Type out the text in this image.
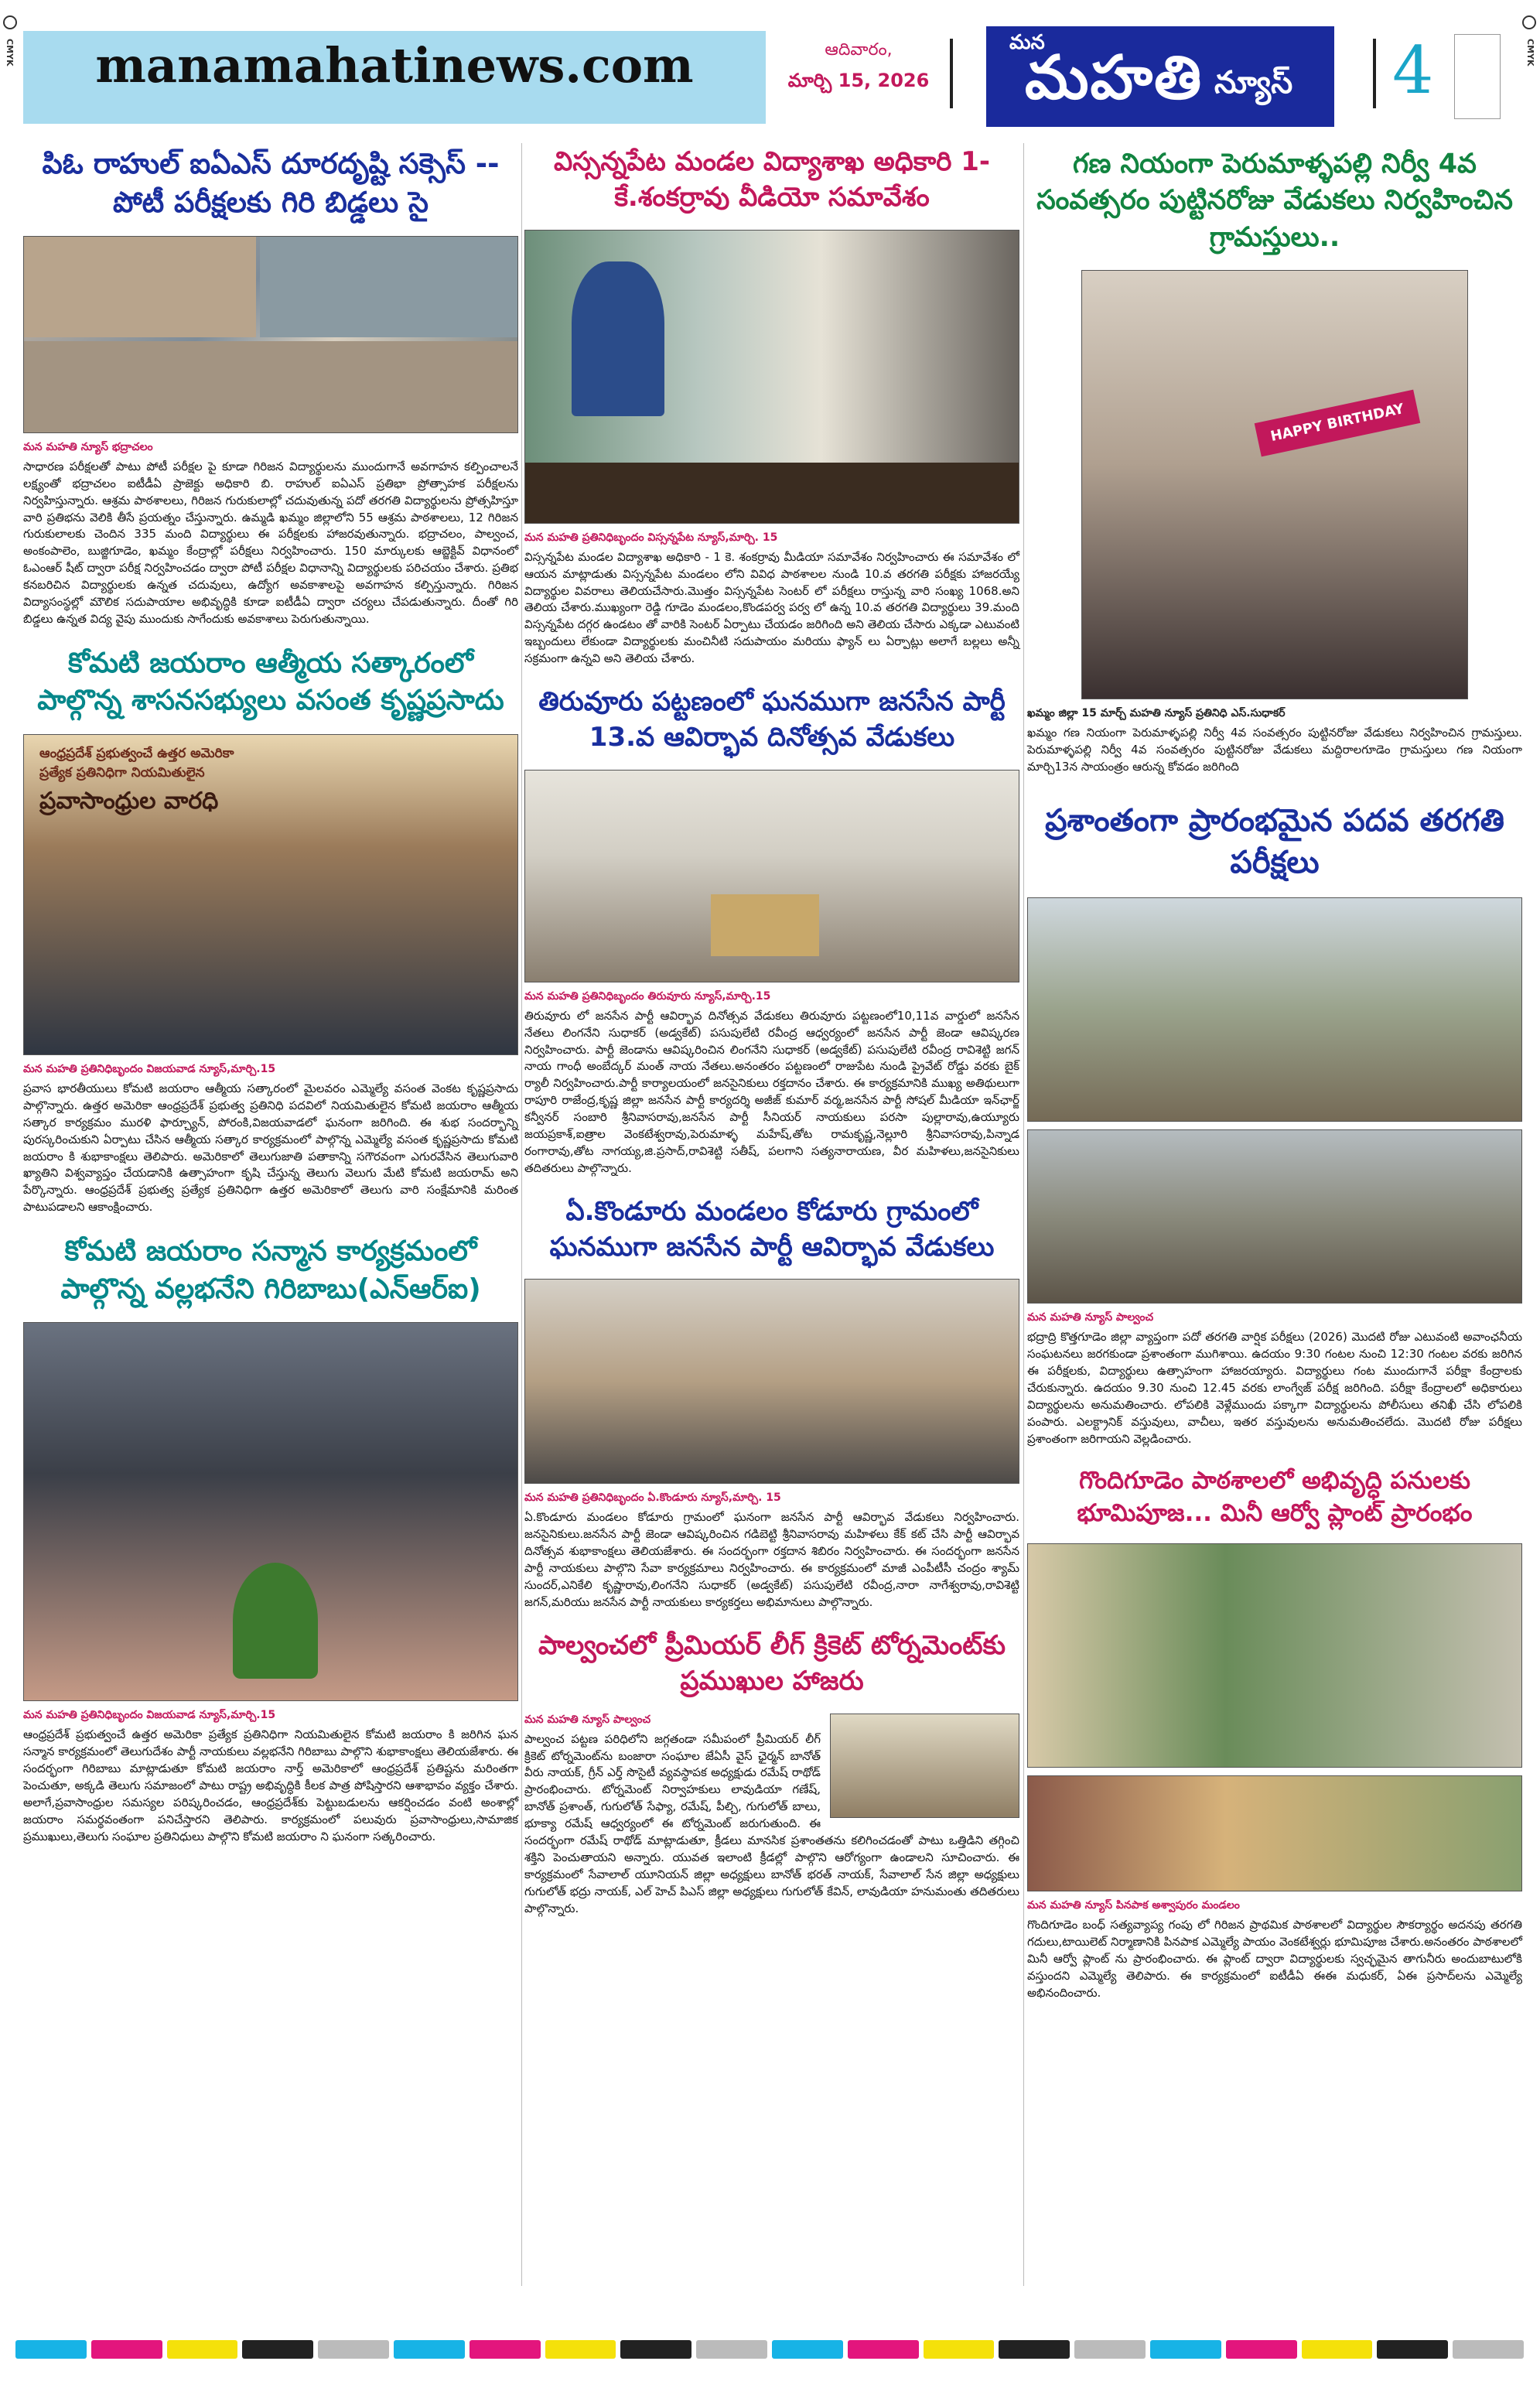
CMYK	CMYK
manamahatinews.com	ఆదివారం,
మార్చి 15, 2026
మన
మహతి న్యూస్ 4
పిఓ రాహుల్ ఐఏఎస్ దూరదృష్టి సక్సెస్ -- పోటీ పరీక్షలకు గిరి బిడ్డలు సై
మన మహతి న్యూస్ భద్రాచలం

సాధారణ పరీక్షలతో పాటు పోటీ పరీక్షల పై కూడా గిరిజన విద్యార్థులను ముందుగానే అవగాహన కల్పించాలనే లక్ష్యంతో భద్రాచలం ఐటీడీఏ ప్రాజెక్టు అధికారి బి. రాహుల్ ఐఏఎస్ ప్రతిభా ప్రోత్సాహక పరీక్షలను నిర్వహిస్తున్నారు. ఆశ్రమ పాఠశాలలు, గిరిజన గురుకులాల్లో చదువుతున్న పదో తరగతి విద్యార్థులను ప్రోత్సహిస్తూ వారి ప్రతిభను వెలికి తీసే ప్రయత్నం చేస్తున్నారు. ఉమ్మడి ఖమ్మం జిల్లాలోని 55 ఆశ్రమ పాఠశాలలు, 12 గిరిజన గురుకులాలకు చెందిన 335 మంది విద్యార్థులు ఈ పరీక్షలకు హాజరవుతున్నారు. భద్రాచలం, పాల్వంచ, అంకంపాలెం, బుజ్జిగూడెం, ఖమ్మం కేంద్రాల్లో పరీక్షలు నిర్వహించారు. 150 మార్కులకు ఆబ్జెక్టివ్ విధానంలో ఓఎంఆర్ షీట్ ద్వారా పరీక్ష నిర్వహించడం ద్వారా పోటీ పరీక్షల విధానాన్ని విద్యార్థులకు పరిచయం చేశారు. ప్రతిభ కనబరిచిన విద్యార్థులకు ఉన్నత చదువులు, ఉద్యోగ అవకాశాలపై అవగాహన కల్పిస్తున్నారు. గిరిజన విద్యాసంస్థల్లో మౌలిక సదుపాయాల అభివృద్ధికి కూడా ఐటీడీఏ ద్వారా చర్యలు చేపడుతున్నారు. దీంతో గిరి బిడ్డలు ఉన్నత విద్య వైపు ముందుకు సాగేందుకు అవకాశాలు పెరుగుతున్నాయి.

కోమటి జయరాం ఆత్మీయ సత్కారంలో పాల్గొన్న శాసనసభ్యులు వసంత కృష్ణప్రసాదు
ఆంధ్రప్రదేశ్ ప్రభుత్వంచే ఉత్తర అమెరికా
ప్రత్యేక ప్రతినిధిగా నియమితులైన
ప్రవాసాంధ్రుల వారధి
మన మహతి ప్రతినిధిబృందం విజయవాడ న్యూస్,మార్చి.15

ప్రవాస భారతీయులు కోమటి జయరాం ఆత్మీయ సత్కారంలో మైలవరం ఎమ్మెల్యే వసంత వెంకట కృష్ణప్రసాదు పాల్గొన్నారు. ఉత్తర అమెరికా ఆంధ్రప్రదేశ్ ప్రభుత్వ ప్రతినిధి పదవిలో నియమితులైన కోమటి జయరాం ఆత్మీయ సత్కార కార్యక్రమం మురళి ఫార్చ్యూన్, పోరంకి,విజయవాడలో ఘనంగా జరిగింది. ఈ శుభ సందర్భాన్ని పురస్కరించుకుని ఏర్పాటు చేసిన ఆత్మీయ సత్కార కార్యక్రమంలో పాల్గొన్న ఎమ్మెల్యే వసంత కృష్ణప్రసాదు కోమటి జయరాం కి శుభాకాంక్షలు తెలిపారు. అమెరికాలో తెలుగుజాతి పతాకాన్ని సగౌరవంగా ఎగురవేసిన తెలుగువారి ఖ్యాతిని విశ్వవ్యాప్తం చేయడానికి ఉత్సాహంగా కృషి చేస్తున్న తెలుగు వెలుగు మేటి కోమటి జయరామ్ అని పేర్కొన్నారు. ఆంధ్రప్రదేశ్ ప్రభుత్వ ప్రత్యేక ప్రతినిధిగా ఉత్తర అమెరికాలో తెలుగు వారి సంక్షేమానికి మరింత పాటుపడాలని ఆకాంక్షించారు.

కోమటి జయరాం సన్మాన కార్యక్రమంలో పాల్గొన్న వల్లభనేని గిరిబాబు(ఎన్ఆర్ఐ)
మన మహతి ప్రతినిధిబృందం విజయవాడ న్యూస్,మార్చి.15

ఆంధ్రప్రదేశ్ ప్రభుత్వంచే ఉత్తర అమెరికా ప్రత్యేక ప్రతినిధిగా నియమితులైన కోమటి జయరాం కి జరిగిన ఘన సన్మాన కార్యక్రమంలో తెలుగుదేశం పార్టీ నాయకులు వల్లభనేని గిరిబాబు పాల్గొని శుభాకాంక్షలు తెలియజేశారు. ఈ సందర్భంగా గిరిబాబు మాట్లాడుతూ కోమటి జయరాం నార్త్ అమెరికాలో ఆంధ్రప్రదేశ్ ప్రతిష్టను మరింతగా పెంచుతూ, అక్కడి తెలుగు సమాజంలో పాటు రాష్ట్ర అభివృద్ధికి కీలక పాత్ర పోషిస్తారని ఆశాభావం వ్యక్తం చేశారు. అలాగే,ప్రవాసాంధ్రుల సమస్యల పరిష్కరించడం, ఆంధ్రప్రదేశ్‌కు పెట్టుబడులను ఆకర్షించడం వంటి అంశాల్లో జయరాం సమర్థవంతంగా పనిచేస్తారని తెలిపారు. కార్యక్రమంలో పలువురు ప్రవాసాంధ్రులు,సామాజిక ప్రముఖులు,తెలుగు సంఘాల ప్రతినిధులు పాల్గొని కోమటి జయరాం ని ఘనంగా సత్కరించారు.

విస్సన్నపేట మండల విద్యాశాఖ అధికారి 1-కే.శంకర్రావు వీడియో సమావేశం
మన మహతి ప్రతినిధిబృందం విస్సన్నపేట న్యూస్,మార్చి. 15

విస్సన్నపేట మండల విద్యాశాఖ అధికారి - 1 కె. శంకర్రావు మీడియా సమావేశం నిర్వహించారు ఈ సమావేశం లో ఆయన మాట్లాడుతు విస్సన్నపేట మండలం లోని వివిధ పాఠశాలల నుండి 10.వ తరగతి పరీక్షకు హాజరయ్యే విద్యార్థుల వివరాలు తెలియచేసారు.మొత్తం విస్సన్నపేట సెంటర్ లో పరీక్షలు రాస్తున్న వారి సంఖ్య 1068.అని తెలియ చేశారు.ముఖ్యంగా రెడ్డి గూడెం మండలం,కొండపర్వ పర్వ లో ఉన్న 10.వ తరగతి విద్యార్థులు 39.మంది విస్సన్నపేట దగ్గర ఉండటం తో వారికి సెంటర్ ఏర్పాటు చేయడం జరిగింది అని తెలియ చేసారు ఎక్కడా ఎటువంటి ఇబ్బందులు లేకుండా విద్యార్థులకు మంచినీటి సదుపాయం మరియు ఫ్యాన్ లు ఏర్పాట్లు అలాగే బల్లలు అన్నీ సక్రమంగా ఉన్నవి అని తెలియ చేశారు.

తిరువూరు పట్టణంలో ఘనముగా జనసేన పార్టీ 13.వ ఆవిర్భావ దినోత్సవ వేడుకలు
మన మహతి ప్రతినిధిబృందం తిరువూరు న్యూస్,మార్చి.15

తిరువూరు లో జనసేన పార్టీ ఆవిర్భావ దినోత్సవ వేడుకలు తిరువూరు పట్టణంలో10,11వ వార్డులో జనసేన నేతలు లింగనేని సుధాకర్ (అడ్వకేట్) పసుపులేటి రవీంద్ర ఆధ్వర్యంలో జనసేన పార్టీ జెండా ఆవిష్కరణ నిర్వహించారు. పార్టీ జెండాను ఆవిష్కరించిన లింగనేని సుధాకర్ (అడ్వకేట్) పసుపులేటి రవీంద్ర రావిశెట్టి జగన్ నాయ గాంధీ అంబేద్కర్ మంత్ నాయ నేతలు.అనంతరం పట్టణంలో రాజుపేట నుండి ప్రైవేట్ రోడ్డు వరకు బైక్ ర్యాలీ నిర్వహించారు.పార్టీ కార్యాలయంలో జనసైనికులు రక్తదానం చేశారు. ఈ కార్యక్రమానికి ముఖ్య అతిథులుగా రాపూరి రాజేంద్ర,కృష్ణ జిల్లా జనసేన పార్టీ కార్యదర్శి అజీజ్ కుమార్ వర్మ,జనసేన పార్టీ సోషల్ మీడియా ఇన్‌ఛార్జ్ కన్వీనర్ సంబారి శ్రీనివాసరావు,జనసేన పార్టీ సీనియర్ నాయకులు పరసా పుల్లారావు,ఉయ్యూరు జయప్రకాశ్,ఐత్రాల వెంకటేశ్వరావు,పెరుమాళ్ళ మహేష్,తోట రామకృష్ణ,నెల్లూరి శ్రీనివాసరావు,పిన్నాడ రంగారావు,తోట నాగయ్య,జి.ప్రసాద్,రావిశెట్టి సతీష్, పలగాని సత్యనారాయణ, వీర మహిళలు,జనసైనికులు తదితరులు పాల్గొన్నారు.

ఏ.కొండూరు మండలం కోడూరు గ్రామంలో ఘనముగా జనసేన పార్టీ ఆవిర్భావ వేడుకలు
మన మహతి ప్రతినిధిబృందం ఏ.కొండూరు న్యూస్,మార్చి. 15

ఏ.కొండూరు మండలం కోడూరు గ్రామంలో ఘనంగా జనసేన పార్టీ ఆవిర్భావ వేడుకలు నిర్వహించారు. జనసైనికులు.జనసేన పార్టీ జెండా ఆవిష్కరించిన గడిబెట్టి శ్రీనివాసరావు మహిళలు కేక్ కట్ చేసి పార్టీ ఆవిర్భావ దినోత్సవ శుభాకాంక్షలు తెలియజేశారు. ఈ సందర్భంగా రక్తదాన శిబిరం నిర్వహించారు. ఈ సందర్భంగా జనసేన పార్టీ నాయకులు పాల్గొని సేవా కార్యక్రమాలు నిర్వహించారు. ఈ కార్యక్రమంలో మాజీ ఎంపీటీసీ చంద్రం శ్యామ్ సుందర్,ఎనికేలి కృష్ణారావు,లింగనేని సుధాకర్ (అడ్వకేట్) పసుపులేటి రవీంద్ర,నారా నాగేశ్వరావు,రావిశెట్టి జగన్,మరియు జనసేన పార్టీ నాయకులు కార్యకర్తలు అభిమానులు పాల్గొన్నారు.

పాల్వంచలో ప్రీమియర్ లీగ్ క్రికెట్ టోర్నమెంట్‌కు ప్రముఖుల హాజరు
మన మహతి న్యూస్ పాల్వంచ

పాల్వంచ పట్టణ పరిధిలోని జగ్గతండా సమీపంలో ప్రీమియర్ లీగ్ క్రికెట్ టోర్నమెంట్‌ను బంజారా సంఘాల జేఏసీ వైస్ ఛైర్మన్ బానోత్ వీరు నాయక్, గ్రీన్ ఎర్త్ సొసైటీ వ్యవస్థాపక అధ్యక్షుడు రమేష్ రాథోడ్ ప్రారంభించారు. టోర్నమెంట్ నిర్వాహకులు లావుడియా గణేష్, బానోత్ ప్రశాంత్, గుగులోత్ సేఫ్యా, రమేష్, పీల్చి, గుగులోత్ బాలు, భూక్యా రమేష్ ఆధ్వర్యంలో ఈ టోర్నమెంట్ జరుగుతుంది. ఈ సందర్భంగా రమేష్ రాథోడ్ మాట్లాడుతూ, క్రీడలు మానసిక ప్రశాంతతను కలిగించడంతో పాటు ఒత్తిడిని తగ్గించి శక్తిని పెంచుతాయని అన్నారు. యువత ఇలాంటి క్రీడల్లో పాల్గొని ఆరోగ్యంగా ఉండాలని సూచించారు. ఈ కార్యక్రమంలో సేవాలాల్ యూనియన్ జిల్లా అధ్యక్షులు బానోత్ భరత్ నాయక్, సేవాలాల్ సేన జిల్లా అధ్యక్షులు గుగులోత్ భద్రు నాయక్, ఎల్ హెచ్ పిఎస్ జిల్లా అధ్యక్షులు గుగులోత్ కేవిన్, లావుడియా హనుమంతు తదితరులు పాల్గొన్నారు.

గణ నియంగా పెరుమాళ్ళపల్లి నిర్వీ 4వ సంవత్సరం పుట్టినరోజు వేడుకలు నిర్వహించిన గ్రామస్తులు..
HAPPY BIRTHDAY
ఖమ్మం జిల్లా 15 మార్చ్ మహతి న్యూస్ ప్రతినిధి ఎస్.సుధాకర్

ఖమ్మం గణ నియంగా పెరుమాళ్ళపల్లి నిర్వీ 4వ సంవత్సరం పుట్టినరోజు వేడుకలు నిర్వహించిన గ్రామస్తులు. పెరుమాళ్ళపల్లి నిర్వీ 4వ సంవత్సరం పుట్టినరోజు వేడుకలు మద్దిరాలగూడెం గ్రామస్తులు గణ నియంగా మార్చి13న సాయంత్రం ఆరున్న కోవడం జరిగింది

ప్రశాంతంగా ప్రారంభమైన పదవ తరగతి పరీక్షలు
మన మహతి న్యూస్ పాల్వంచ

భద్రాద్రి కొత్తగూడెం జిల్లా వ్యాప్తంగా పదో తరగతి వార్షిక పరీక్షలు (2026) మొదటి రోజు ఎటువంటి అవాంఛనీయ సంఘటనలు జరగకుండా ప్రశాంతంగా ముగిశాయి. ఉదయం 9:30 గంటల నుంచి 12:30 గంటల వరకు జరిగిన ఈ పరీక్షలకు, విద్యార్థులు ఉత్సాహంగా హాజరయ్యారు. విద్యార్థులు గంట ముందుగానే పరీక్షా కేంద్రాలకు చేరుకున్నారు. ఉదయం 9.30 నుంచి 12.45 వరకు లాంగ్వేజ్ పరీక్ష జరిగింది. పరీక్షా కేంద్రాలలో అధికారులు విద్యార్థులను అనుమతించారు. లోపలికి వెళ్లేముందు పక్కాగా విద్యార్థులను పోలీసులు తనిఖీ చేసి లోపలికి పంపారు. ఎలక్ట్రానిక్ వస్తువులు, వాచీలు, ఇతర వస్తువులను అనుమతించలేదు. మొదటి రోజు పరీక్షలు ప్రశాంతంగా జరిగాయని వెల్లడించారు.

గొందిగూడెం పాఠశాలలో అభివృద్ధి పనులకు భూమిపూజ... మినీ ఆర్వో ప్లాంట్ ప్రారంభం
మన మహతి న్యూస్ పినపాక అశ్వాపురం మండలం

గొందిగూడెం బంధ్ సత్యవ్యాప్య గంపు లో గిరిజన ప్రాథమిక పాఠశాలలో విద్యార్థుల సౌకర్యార్థం అదనపు తరగతి గదులు,టాయిలెట్ నిర్మాణానికి పినపాక ఎమ్మెల్యే పాయం వెంకటేశ్వర్లు భూమిపూజ చేశారు.అనంతరం పాఠశాలలో మినీ ఆర్వో ప్లాంట్ ను ప్రారంభించారు. ఈ ప్లాంట్ ద్వారా విద్యార్థులకు స్వచ్ఛమైన తాగునీరు అందుబాటులోకి వస్తుందని ఎమ్మెల్యే తెలిపారు. ఈ కార్యక్రమంలో ఐటీడీఏ ఈఈ మధుకర్, ఏఈ ప్రసాద్‌లను ఎమ్మెల్యే అభినందించారు.
